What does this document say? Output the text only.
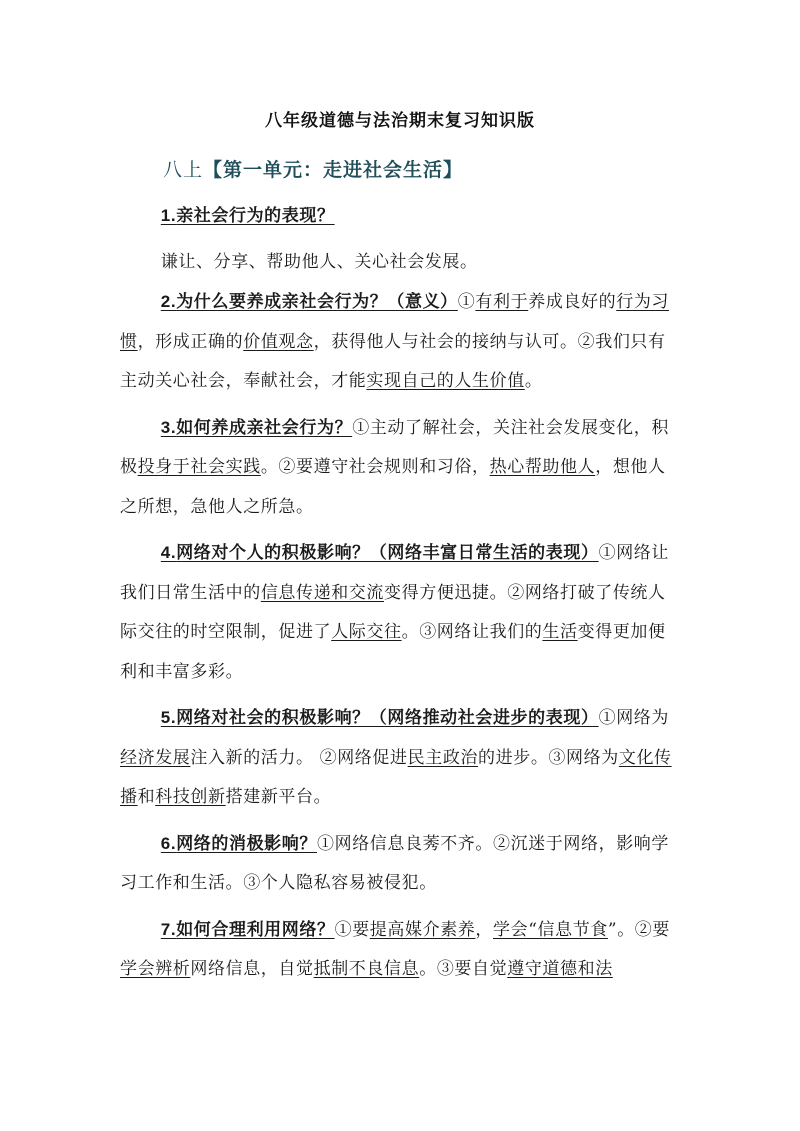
八年级道德与法治期末复习知识版
八上【第一单元：走进社会生活】

1.亲社会行为的表现？

谦让、分享、帮助他人、关心社会发展。

2.为什么要养成亲社会行为？（意义）①有利于养成良好的行为习惯，形成正确的价值观念，获得他人与社会的接纳与认可。②我们只有主动关心社会，奉献社会，才能实现自己的人生价值。

3.如何养成亲社会行为？①主动了解社会，关注社会发展变化，积极投身于社会实践。②要遵守社会规则和习俗，热心帮助他人，想他人之所想，急他人之所急。

4.网络对个人的积极影响？（网络丰富日常生活的表现）①网络让我们日常生活中的信息传递和交流变得方便迅捷。②网络打破了传统人际交往的时空限制，促进了人际交往。③网络让我们的生活变得更加便利和丰富多彩。

5.网络对社会的积极影响？（网络推动社会进步的表现）①网络为经济发展注入新的活力。 ②网络促进民主政治的进步。③网络为文化传播和科技创新搭建新平台。

6.网络的消极影响？①网络信息良莠不齐。②沉迷于网络，影响学习工作和生活。③个人隐私容易被侵犯。

7.如何合理利用网络？①要提高媒介素养，学会“信息节食”。②要学会辨析网络信息，自觉抵制不良信息。③要自觉遵守道德和法
